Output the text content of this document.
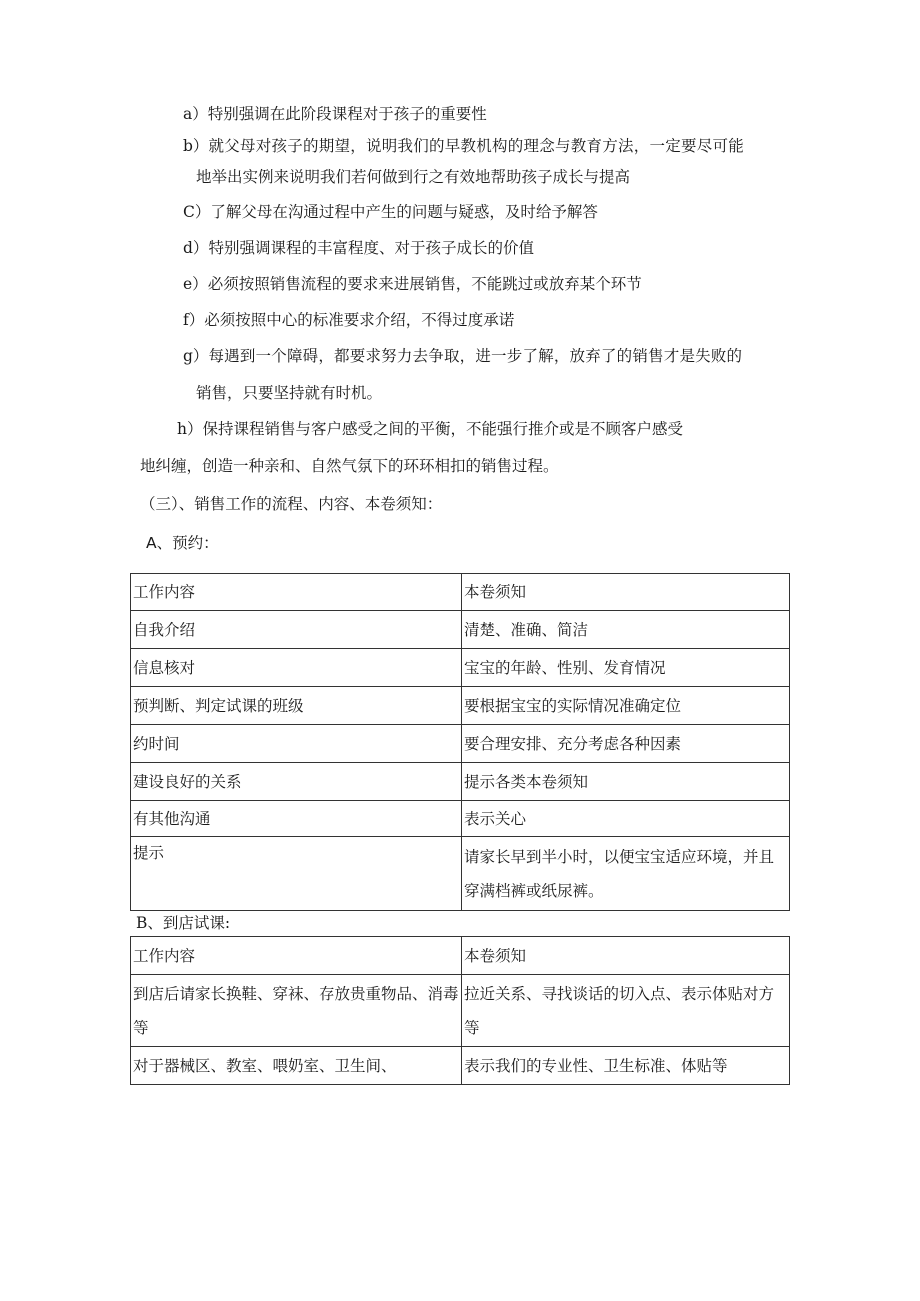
a）特别强调在此阶段课程对于孩子的重要性
b）就父母对孩子的期望，说明我们的早教机构的理念与教育方法，一定要尽可能
地举出实例来说明我们若何做到行之有效地帮助孩子成长与提高
C）了解父母在沟通过程中产生的问题与疑惑，及时给予解答
d）特别强调课程的丰富程度、对于孩子成长的价值
e）必须按照销售流程的要求来进展销售，不能跳过或放弃某个环节
f）必须按照中心的标准要求介绍，不得过度承诺
g）每遇到一个障碍，都要求努力去争取，进一步了解，放弃了的销售才是失败的
销售，只要坚持就有时机。
h）保持课程销售与客户感受之间的平衡，不能强行推介或是不顾客户感受
地纠缠，创造一种亲和、自然气氛下的环环相扣的销售过程。
（三）、销售工作的流程、内容、本卷须知：
A、预约：
工作内容	本卷须知
自我介绍	清楚、准确、简洁
信息核对	宝宝的年龄、性别、发育情况
预判断、判定试课的班级	要根据宝宝的实际情况准确定位
约时间	要合理安排、充分考虑各种因素
建设良好的关系	提示各类本卷须知
有其他沟通	表示关心
提示	请家长早到半小时，以便宝宝适应环境，并且穿满档裤或纸尿裤。
B、到店试课:
工作内容	本卷须知
到店后请家长换鞋、穿袜、存放贵重物品、消毒等	拉近关系、寻找谈话的切入点、表示体贴对方等
对于器械区、教室、喂奶室、卫生间、	表示我们的专业性、卫生标准、体贴等
